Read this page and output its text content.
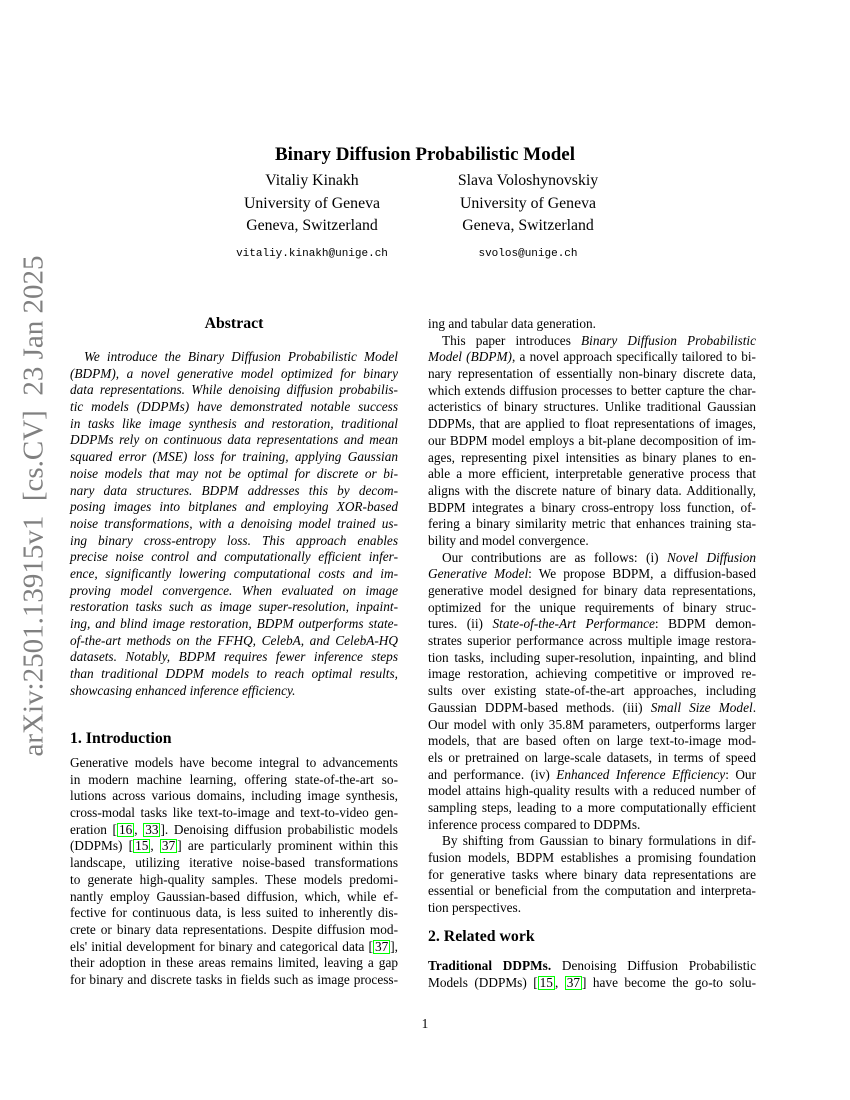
arXiv:2501.13915v1  [cs.CV]  23 Jan 2025
Binary Diffusion Probabilistic Model
Vitaliy Kinakh
University of Geneva
Geneva, Switzerland
vitaliy.kinakh@unige.ch
Slava Voloshynovskiy
University of Geneva
Geneva, Switzerland
svolos@unige.ch
Abstract
We introduce the Binary Diffusion Probabilistic Model
(BDPM), a novel generative model optimized for binary
data representations. While denoising diffusion probabilis-
tic models (DDPMs) have demonstrated notable success
in tasks like image synthesis and restoration, traditional
DDPMs rely on continuous data representations and mean
squared error (MSE) loss for training, applying Gaussian
noise models that may not be optimal for discrete or bi-
nary data structures. BDPM addresses this by decom-
posing images into bitplanes and employing XOR-based
noise transformations, with a denoising model trained us-
ing binary cross-entropy loss. This approach enables
precise noise control and computationally efficient infer-
ence, significantly lowering computational costs and im-
proving model convergence. When evaluated on image
restoration tasks such as image super-resolution, inpaint-
ing, and blind image restoration, BDPM outperforms state-
of-the-art methods on the FFHQ, CelebA, and CelebA-HQ
datasets. Notably, BDPM requires fewer inference steps
than traditional DDPM models to reach optimal results,
showcasing enhanced inference efficiency.
1. Introduction
Generative models have become integral to advancements
in modern machine learning, offering state-of-the-art so-
lutions across various domains, including image synthesis,
cross-modal tasks like text-to-image and text-to-video gen-
eration [ 16 , 33 ]. Denoising diffusion probabilistic models
(DDPMs) [ 15 , 37 ] are particularly prominent within this
landscape, utilizing iterative noise-based transformations
to generate high-quality samples. These models predomi-
nantly employ Gaussian-based diffusion, which, while ef-
fective for continuous data, is less suited to inherently dis-
crete or binary data representations. Despite diffusion mod-
els' initial development for binary and categorical data [ 37 ],
their adoption in these areas remains limited, leaving a gap
for binary and discrete tasks in fields such as image process-
ing and tabular data generation.
This paper introduces Binary Diffusion Probabilistic
Model (BDPM), a novel approach specifically tailored to bi-
nary representation of essentially non-binary discrete data,
which extends diffusion processes to better capture the char-
acteristics of binary structures. Unlike traditional Gaussian
DDPMs, that are applied to float representations of images,
our BDPM model employs a bit-plane decomposition of im-
ages, representing pixel intensities as binary planes to en-
able a more efficient, interpretable generative process that
aligns with the discrete nature of binary data. Additionally,
BDPM integrates a binary cross-entropy loss function, of-
fering a binary similarity metric that enhances training sta-
bility and model convergence.
Our contributions are as follows: (i) Novel Diffusion
Generative Model: We propose BDPM, a diffusion-based
generative model designed for binary data representations,
optimized for the unique requirements of binary struc-
tures. (ii) State-of-the-Art Performance: BDPM demon-
strates superior performance across multiple image restora-
tion tasks, including super-resolution, inpainting, and blind
image restoration, achieving competitive or improved re-
sults over existing state-of-the-art approaches, including
Gaussian DDPM-based methods. (iii) Small Size Model.
Our model with only 35.8M parameters, outperforms larger
models, that are based often on large text-to-image mod-
els or pretrained on large-scale datasets, in terms of speed
and performance. (iv) Enhanced Inference Efficiency: Our
model attains high-quality results with a reduced number of
sampling steps, leading to a more computationally efficient
inference process compared to DDPMs.
By shifting from Gaussian to binary formulations in dif-
fusion models, BDPM establishes a promising foundation
for generative tasks where binary data representations are
essential or beneficial from the computation and interpreta-
tion perspectives.
2. Related work
Traditional DDPMs. Denoising Diffusion Probabilistic
Models (DDPMs) [ 15 , 37 ] have become the go-to solu-
1
